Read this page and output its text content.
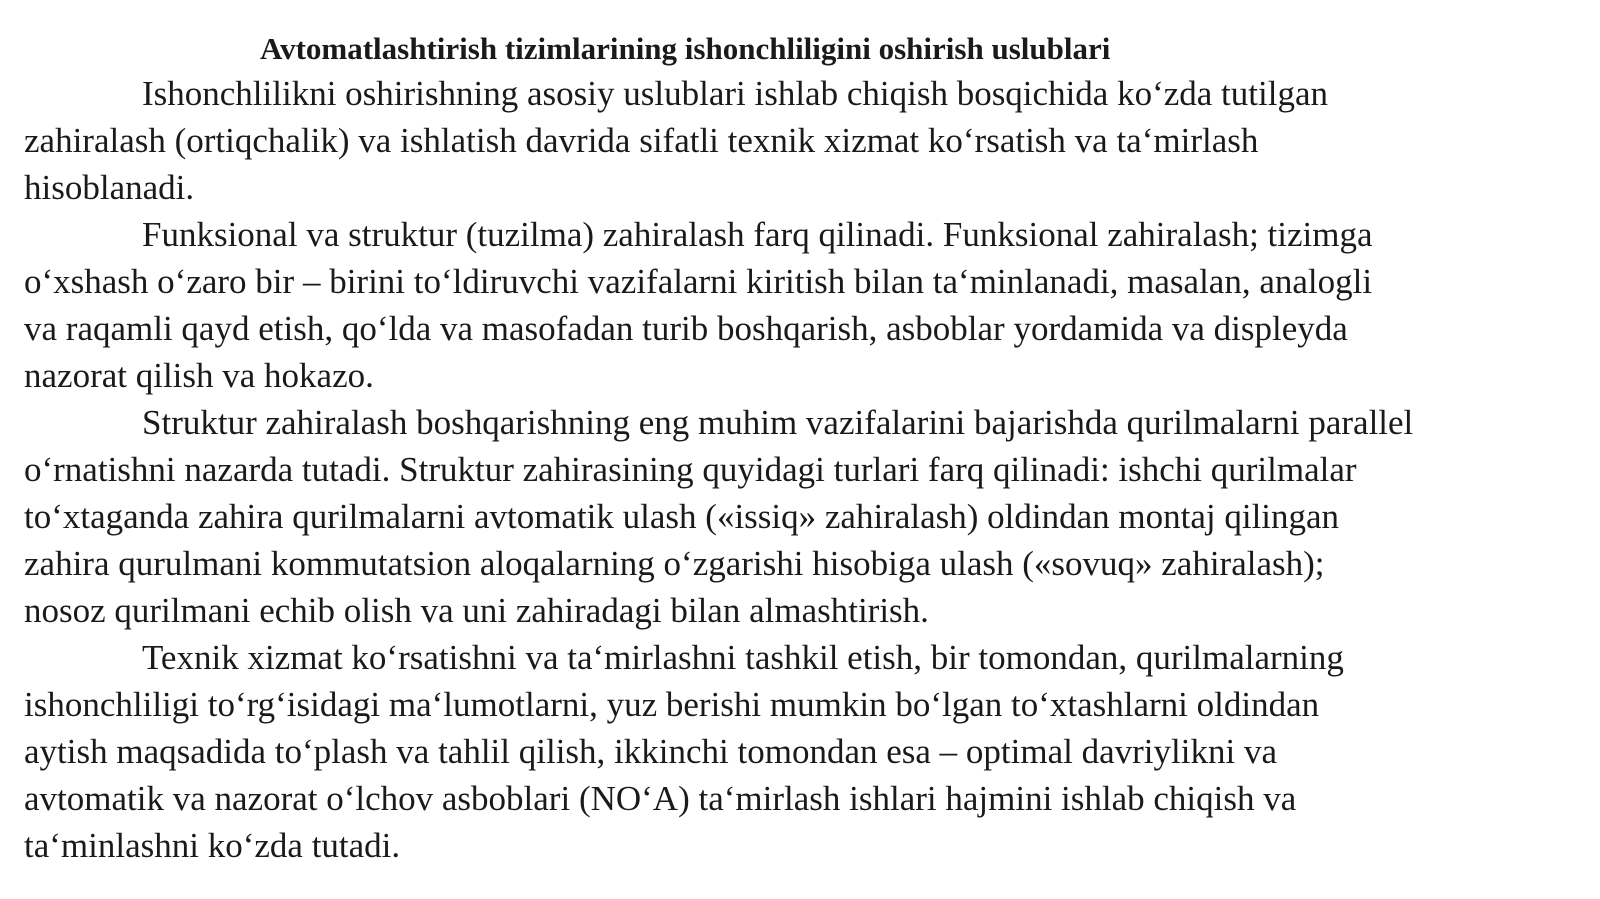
Avtomatlashtirish tizimlarining ishonchliligini oshirish uslublari

Ishonchlilikni oshirishning asosiy uslublari ishlab chiqish bosqichida ko‘zda tutilgan
zahiralash (ortiqchalik) va ishlatish davrida sifatli texnik xizmat ko‘rsatish va ta‘mirlash
hisoblanadi.

Funksional va struktur (tuzilma) zahiralash farq qilinadi. Funksional zahiralash; tizimga
o‘xshash o‘zaro bir – birini to‘ldiruvchi vazifalarni kiritish bilan ta‘minlanadi, masalan, analogli
va raqamli qayd etish, qo‘lda va masofadan turib boshqarish, asboblar yordamida va displeyda
nazorat qilish va hokazo.

Struktur zahiralash boshqarishning eng muhim vazifalarini bajarishda qurilmalarni parallel
o‘rnatishni nazarda tutadi. Struktur zahirasining quyidagi turlari farq qilinadi: ishchi qurilmalar
to‘xtaganda zahira qurilmalarni avtomatik ulash («issiq» zahiralash) oldindan montaj qilingan
zahira qurulmani kommutatsion aloqalarning o‘zgarishi hisobiga ulash («sovuq» zahiralash);
nosoz qurilmani echib olish va uni zahiradagi bilan almashtirish.

Texnik xizmat ko‘rsatishni va ta‘mirlashni tashkil etish, bir tomondan, qurilmalarning
ishonchliligi to‘rg‘isidagi ma‘lumotlarni, yuz berishi mumkin bo‘lgan to‘xtashlarni oldindan
aytish maqsadida to‘plash va tahlil qilish, ikkinchi tomondan esa – optimal davriylikni va
avtomatik va nazorat o‘lchov asboblari (NO‘A) ta‘mirlash ishlari hajmini ishlab chiqish va
ta‘minlashni ko‘zda tutadi.
